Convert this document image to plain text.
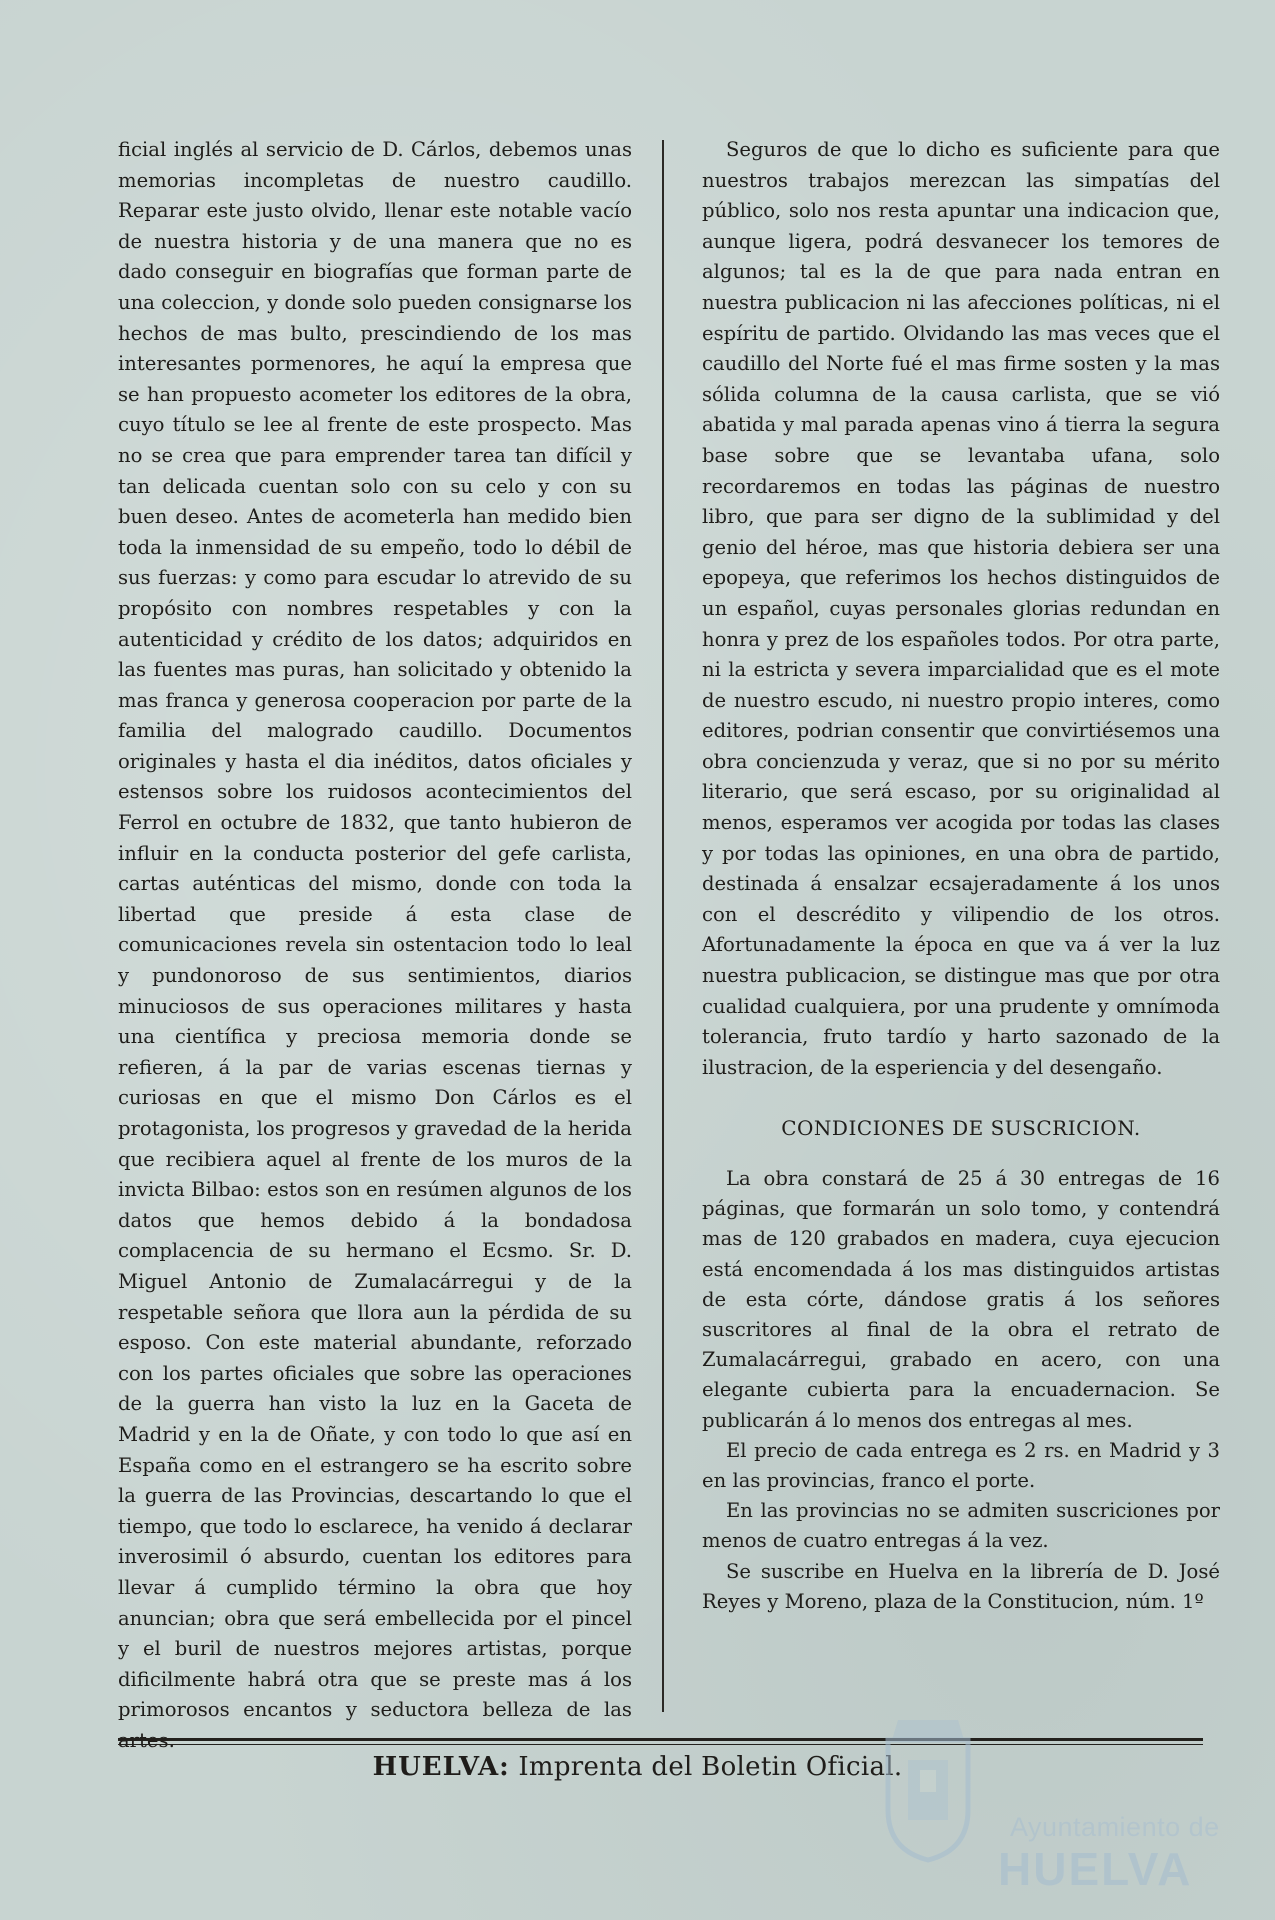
ficial inglés al servicio de D. Cárlos, debemos unas memorias incompletas de nuestro caudillo. Reparar este justo olvido, llenar este notable vacío de nuestra historia y de una manera que no es dado conseguir en biografías que forman parte de una coleccion, y donde solo pueden consignarse los hechos de mas bulto, prescindiendo de los mas interesantes pormenores, he aquí la empresa que se han propuesto acometer los editores de la obra, cuyo título se lee al frente de este prospecto. Mas no se crea que para emprender tarea tan difícil y tan delicada cuentan solo con su celo y con su buen deseo. Antes de acometerla han medido bien toda la inmensidad de su empeño, todo lo débil de sus fuerzas: y como para escudar lo atrevido de su propósito con nombres respetables y con la autenticidad y crédito de los datos; adquiridos en las fuentes mas puras, han solicitado y obtenido la mas franca y generosa cooperacion por parte de la familia del malogrado caudillo. Documentos originales y hasta el dia inéditos, datos oficiales y estensos sobre los ruidosos acontecimientos del Ferrol en octubre de 1832, que tanto hubieron de influir en la conducta posterior del gefe carlista, cartas auténticas del mismo, donde con toda la libertad que preside á esta clase de comunicaciones revela sin ostentacion todo lo leal y pundonoroso de sus sentimientos, diarios minuciosos de sus operaciones militares y hasta una científica y preciosa memoria donde se refieren, á la par de varias escenas tiernas y curiosas en que el mismo Don Cárlos es el protagonista, los progresos y gravedad de la herida que recibiera aquel al frente de los muros de la invicta Bilbao: estos son en resúmen algunos de los datos que hemos debido á la bondadosa complacencia de su hermano el Ecsmo. Sr. D. Miguel Antonio de Zumalacárregui y de la respetable señora que llora aun la pérdida de su esposo. Con este material abundante, reforzado con los partes oficiales que sobre las operaciones de la guerra han visto la luz en la Gaceta de Madrid y en la de Oñate, y con todo lo que así en España como en el estrangero se ha escrito sobre la guerra de las Provincias, descartando lo que el tiempo, que todo lo esclarece, ha venido á declarar inverosimil ó absurdo, cuentan los editores para llevar á cumplido término la obra que hoy anuncian; obra que será embellecida por el pincel y el buril de nuestros mejores artistas, porque dificilmente habrá otra que se preste mas á los primorosos encantos y seductora belleza de las

Seguros de que lo dicho es suficiente para que nuestros trabajos merezcan las simpatías del público, solo nos resta apuntar una indicacion que, aunque ligera, podrá desvanecer los temores de algunos; tal es la de que para nada entran en nuestra publicacion ni las afecciones políticas, ni el espíritu de partido. Olvidando las mas veces que el caudillo del Norte fué el mas firme sosten y la mas sólida columna de la causa carlista, que se vió abatida y mal parada apenas vino á tierra la segura base sobre que se levantaba ufana, solo recordaremos en todas las páginas de nuestro libro, que para ser digno de la sublimidad y del genio del héroe, mas que historia debiera ser una epopeya, que referimos los hechos distinguidos de un español, cuyas personales glorias redundan en honra y prez de los españoles todos. Por otra parte, ni la estricta y severa imparcialidad que es el mote de nuestro escudo, ni nuestro propio interes, como editores, podrian consentir que convirtiésemos una obra concienzuda y veraz, que si no por su mérito literario, que será escaso, por su originalidad al menos, esperamos ver acogida por todas las clases y por todas las opiniones, en una obra de partido, destinada á ensalzar ecsajeradamente á los unos con el descrédito y vilipendio de los otros. Afortunadamente la época en que va á ver la luz nuestra publicacion, se distingue mas que por otra cualidad cualquiera, por una prudente y omnímoda tolerancia, fruto tardío y harto sazonado de la ilustracion, de la esperiencia y del desengaño.

CONDICIONES DE SUSCRICION.

La obra constará de 25 á 30 entregas de 16 páginas, que formarán un solo tomo, y contendrá mas de 120 grabados en madera, cuya ejecucion está encomendada á los mas distinguidos artistas de esta córte, dándose gratis á los señores suscritores al final de la obra el retrato de Zumalacárregui, grabado en acero, con una elegante cubierta para la encuadernacion. Se publicarán á lo menos dos entregas al mes.

El precio de cada entrega es 2 rs. en Madrid y 3 en las provincias, franco el porte.

En las provincias no se admiten suscriciones por menos de cuatro entregas á la vez.

Se suscribe en Huelva en la librería de D. José Reyes y Moreno, plaza de la Constitucion, núm. 1º

HUELVA: Imprenta del Boletin Oficial.
Ayuntamiento de
HUELVA
